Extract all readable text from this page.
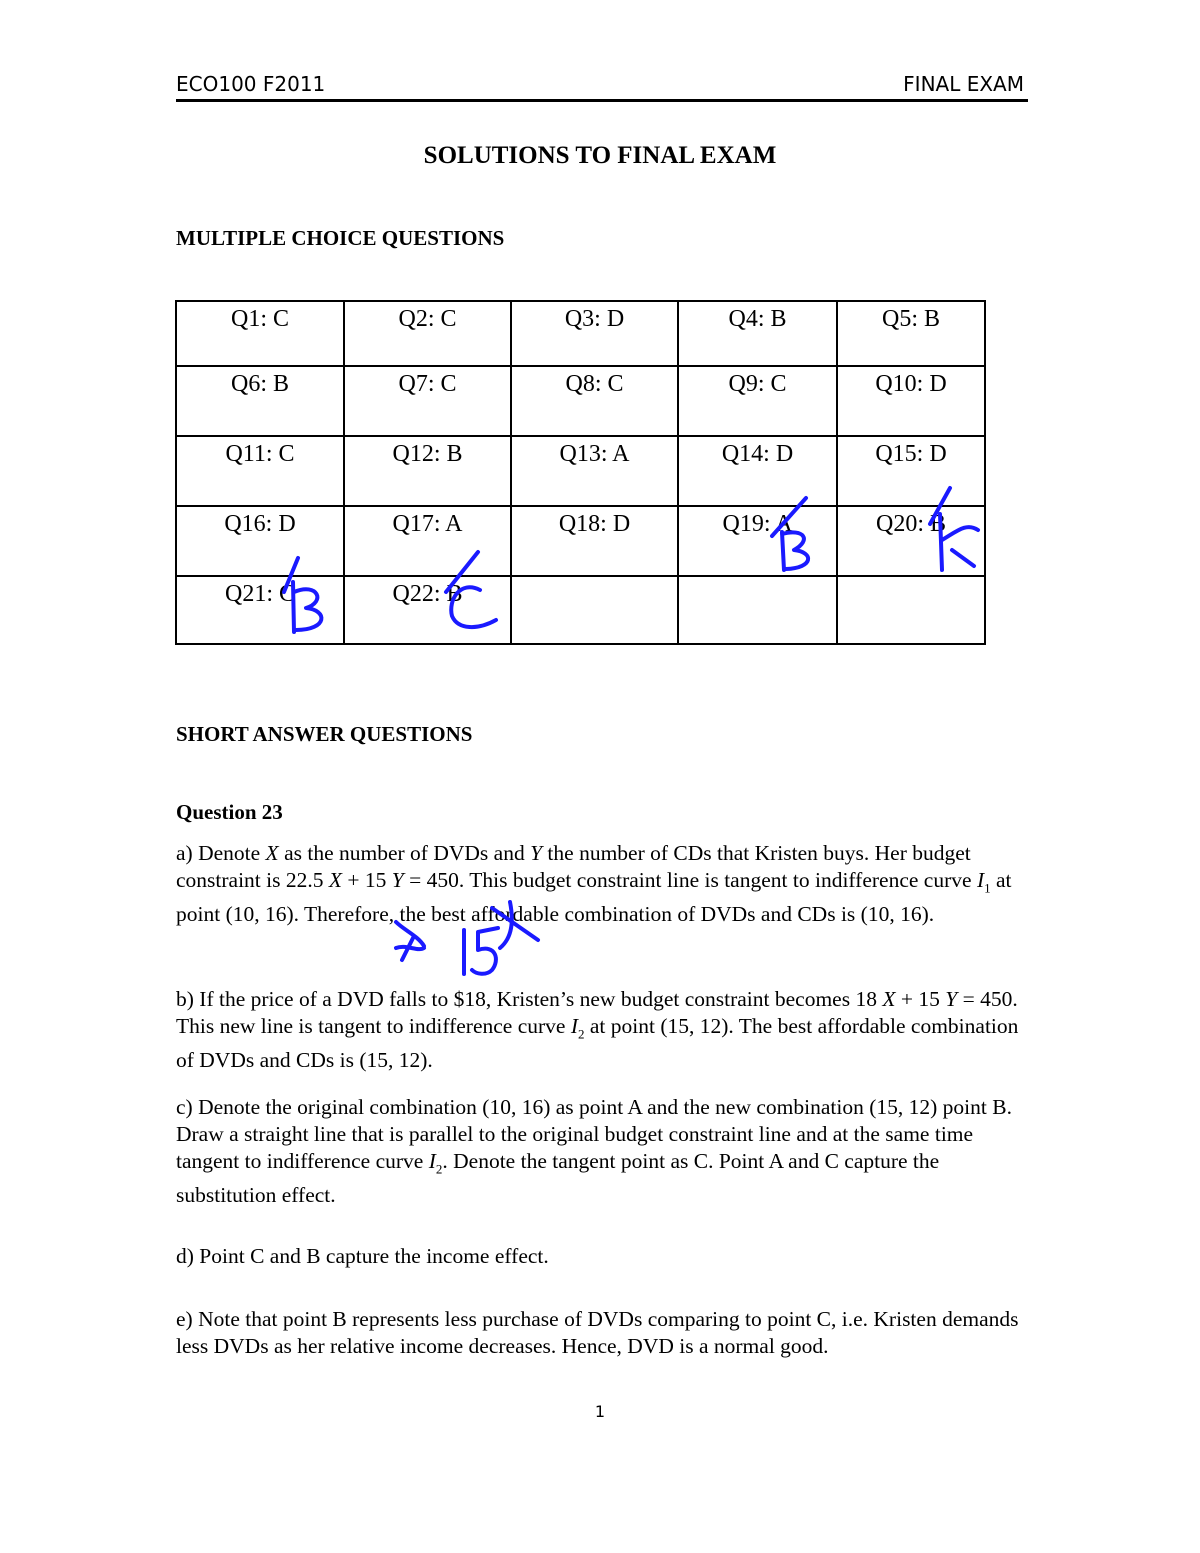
ECO100 F2011	FINAL EXAM
SOLUTIONS TO FINAL EXAM
MULTIPLE CHOICE QUESTIONS
Q1: C	Q2: C	Q3: D	Q4: B	Q5: B
Q6: B	Q7: C	Q8: C	Q9: C	Q10: D
Q11: C	Q12: B	Q13: A	Q14: D	Q15: D
Q16: D	Q17: A	Q18: D	Q19: A	Q20: B
Q21: C	Q22: B			
SHORT ANSWER QUESTIONS
Question 23
a) Denote X as the number of DVDs and Y the number of CDs that Kristen buys. Her budget constraint is 22.5 X + 15 Y = 450. This budget constraint line is tangent to indifference curve $I_1$ at point (10, 16). Therefore, the best affordable combination of DVDs and CDs is (10, 16).
b) If the price of a DVD falls to $18, Kristen’s new budget constraint becomes 18 X + 15 Y = 450. This new line is tangent to indifference curve $I_2$ at point (15, 12). The best affordable combination of DVDs and CDs is (15, 12).
c) Denote the original combination (10, 16) as point A and the new combination (15, 12) point B. Draw a straight line that is parallel to the original budget constraint line and at the same time tangent to indifference curve $I_2$. Denote the tangent point as C. Point A and C capture the substitution effect.
d) Point C and B capture the income effect.
e) Note that point B represents less purchase of DVDs comparing to point C, i.e. Kristen demands less DVDs as her relative income decreases. Hence, DVD is a normal good.
1
